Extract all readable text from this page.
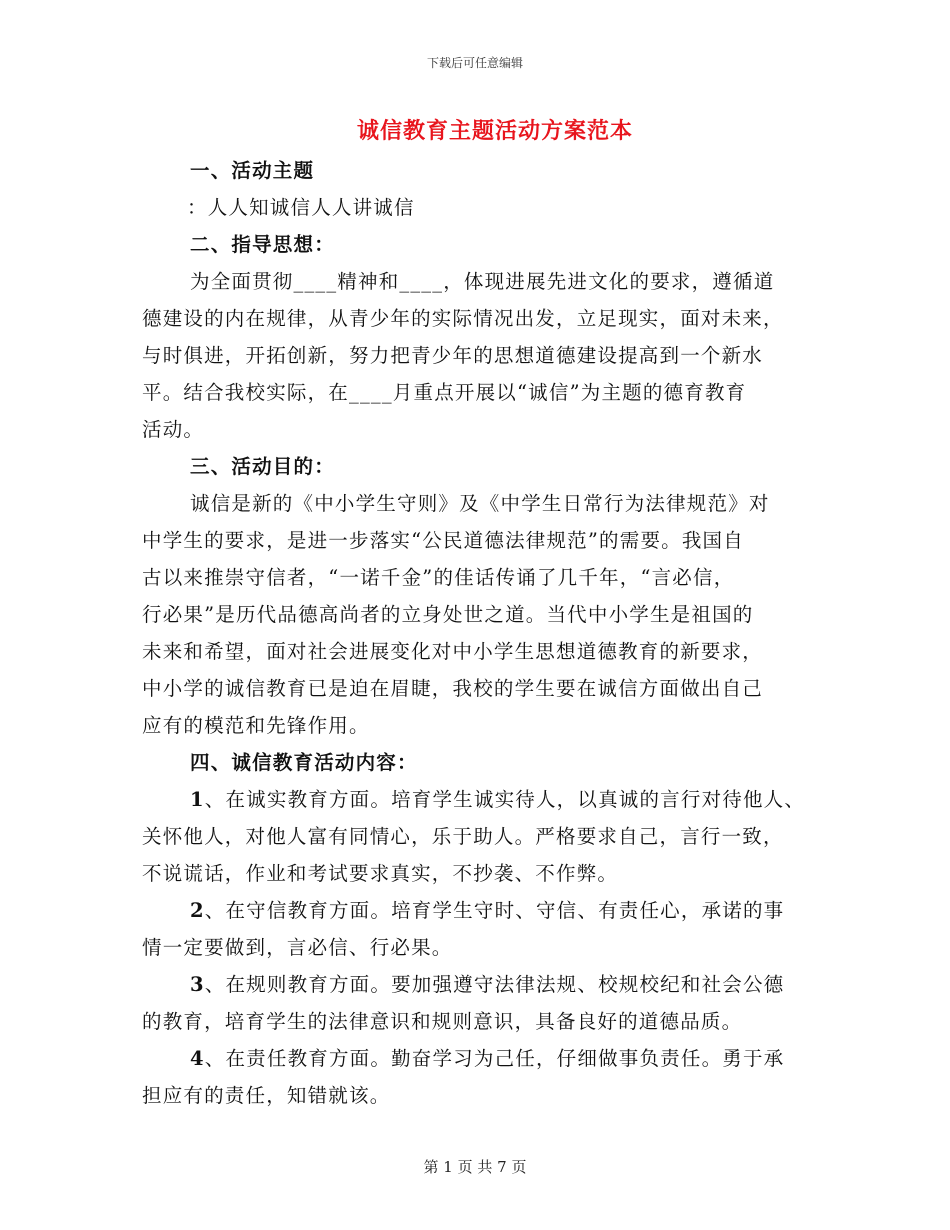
下载后可任意编辑
诚信教育主题活动方案范本
一、活动主题
：人人知诚信人人讲诚信
二、指导思想：
为全面贯彻____精神和____，体现进展先进文化的要求，遵循道
德建设的内在规律，从青少年的实际情况出发，立足现实，面对未来，
与时俱进，开拓创新，努力把青少年的思想道德建设提高到一个新水
平。结合我校实际，在____月重点开展以“诚信”为主题的德育教育
活动。
三、活动目的：
诚信是新的《中小学生守则》及《中学生日常行为法律规范》对
中学生的要求，是进一步落实“公民道德法律规范”的需要。我国自
古以来推崇守信者，“一诺千金”的佳话传诵了几千年，“言必信，
行必果”是历代品德高尚者的立身处世之道。当代中小学生是祖国的
未来和希望，面对社会进展变化对中小学生思想道德教育的新要求，
中小学的诚信教育已是迫在眉睫，我校的学生要在诚信方面做出自己
应有的模范和先锋作用。
四、诚信教育活动内容：
1、在诚实教育方面。培育学生诚实待人，以真诚的言行对待他人、
关怀他人，对他人富有同情心，乐于助人。严格要求自己，言行一致，
不说谎话，作业和考试要求真实，不抄袭、不作弊。
2、在守信教育方面。培育学生守时、守信、有责任心，承诺的事
情一定要做到，言必信、行必果。
3、在规则教育方面。要加强遵守法律法规、校规校纪和社会公德
的教育，培育学生的法律意识和规则意识，具备良好的道德品质。
4、在责任教育方面。勤奋学习为己任，仔细做事负责任。勇于承
担应有的责任，知错就该。
第 1 页 共 7 页
